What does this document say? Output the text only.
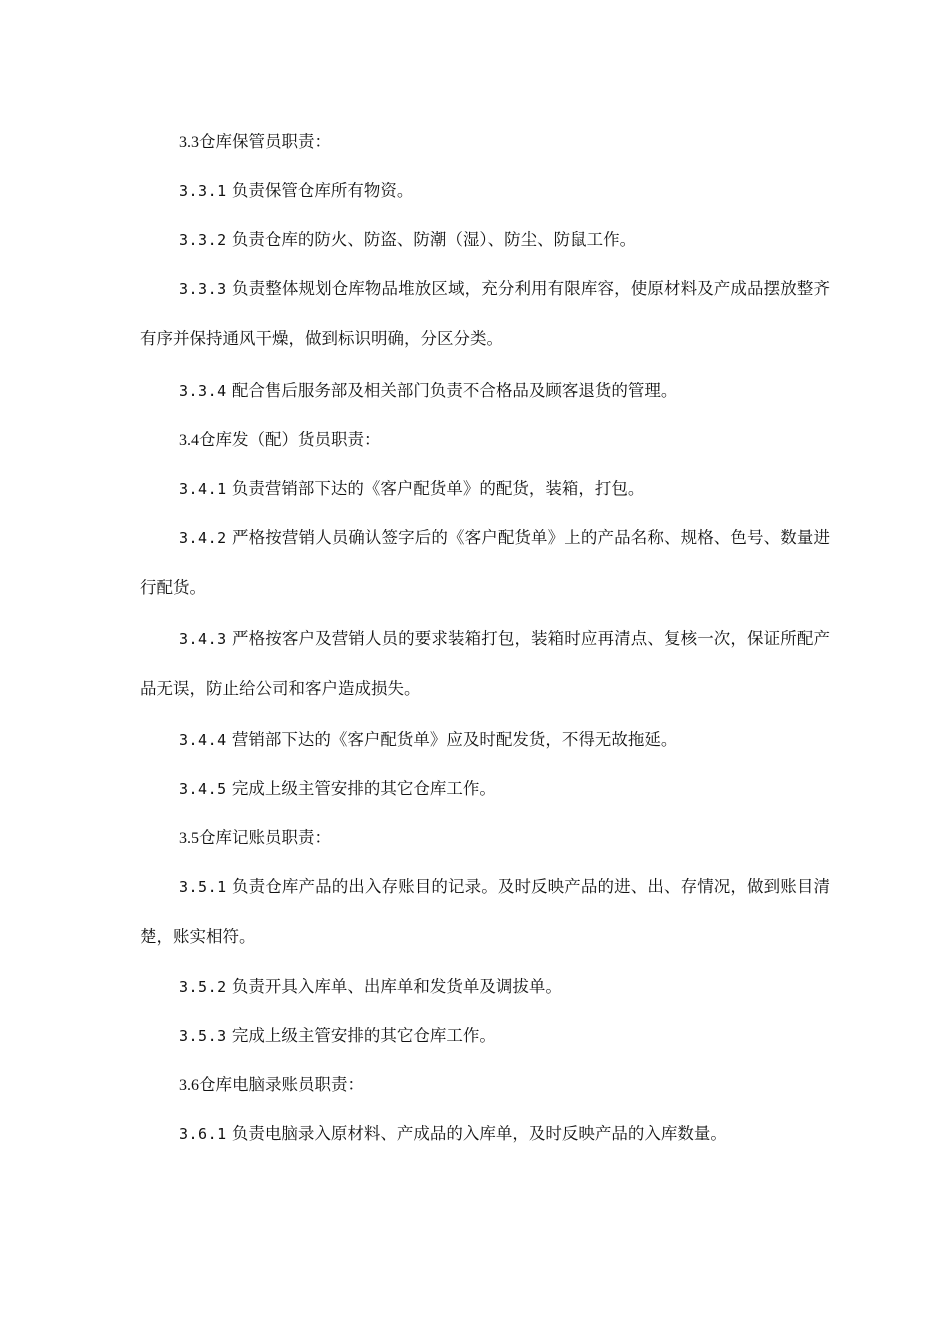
3.3仓库保管员职责：

3.3.1 负责保管仓库所有物资。

3.3.2 负责仓库的防火、防盗、防潮（湿）、防尘、防鼠工作。

3.3.3 负责整体规划仓库物品堆放区域，充分利用有限库容，使原材料及产成品摆放整齐有序并保持通风干燥，做到标识明确，分区分类。

3.3.4 配合售后服务部及相关部门负责不合格品及顾客退货的管理。

3.4仓库发（配）货员职责：

3.4.1 负责营销部下达的《客户配货单》的配货，装箱，打包。

3.4.2 严格按营销人员确认签字后的《客户配货单》上的产品名称、规格、色号、数量进行配货。

3.4.3 严格按客户及营销人员的要求装箱打包，装箱时应再清点、复核一次，保证所配产品无误，防止给公司和客户造成损失。

3.4.4 营销部下达的《客户配货单》应及时配发货，不得无故拖延。

3.4.5 完成上级主管安排的其它仓库工作。

3.5仓库记账员职责：

3.5.1 负责仓库产品的出入存账目的记录。及时反映产品的进、出、存情况，做到账目清楚，账实相符。

3.5.2 负责开具入库单、出库单和发货单及调拔单。

3.5.3 完成上级主管安排的其它仓库工作。

3.6仓库电脑录账员职责：

3.6.1 负责电脑录入原材料、产成品的入库单，及时反映产品的入库数量。
